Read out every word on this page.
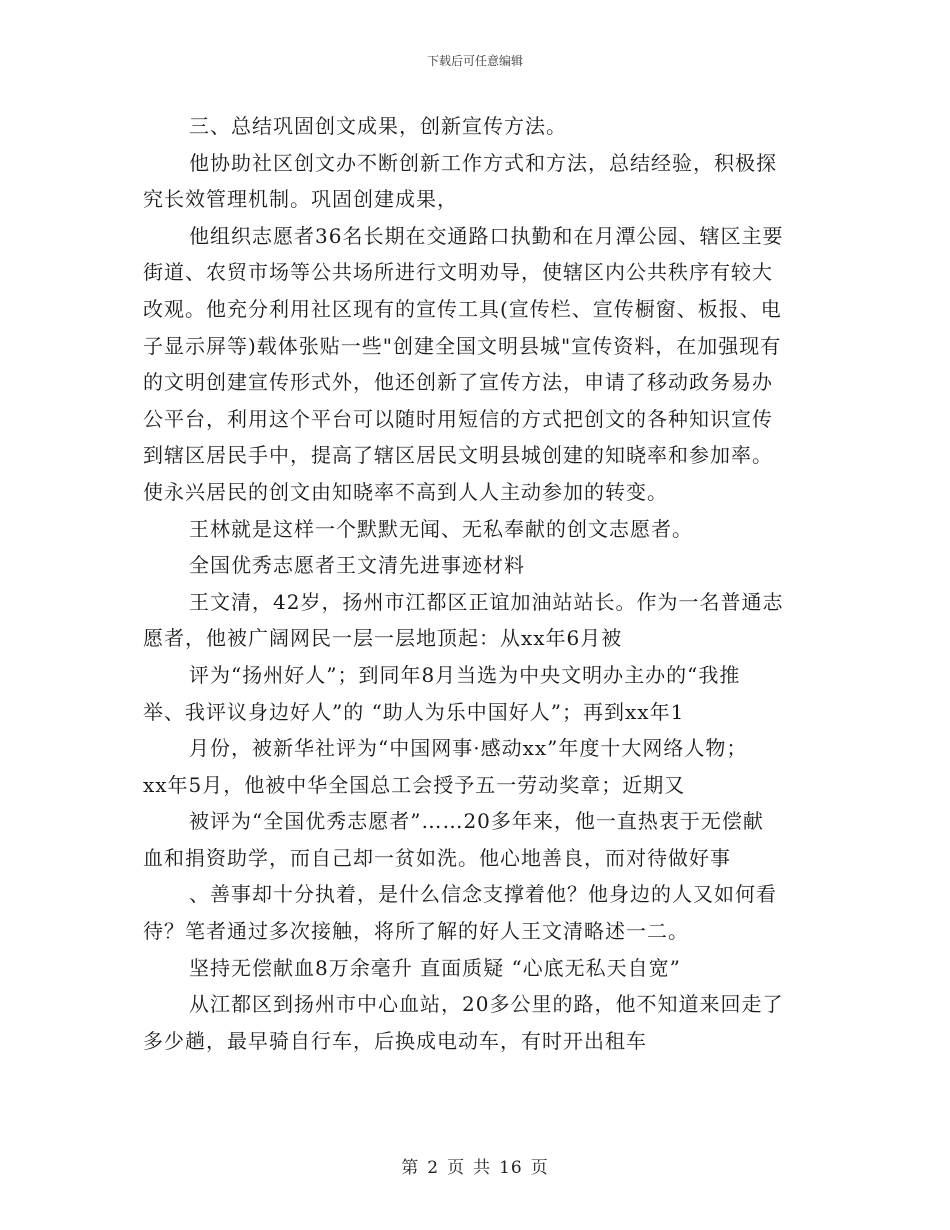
下载后可任意编辑
三、总结巩固创文成果，创新宣传方法。
他协助社区创文办不断创新工作方式和方法，总结经验，积极探
究长效管理机制。巩固创建成果，
他组织志愿者36名长期在交通路口执勤和在月潭公园、辖区主要
街道、农贸市场等公共场所进行文明劝导，使辖区内公共秩序有较大
改观。他充分利用社区现有的宣传工具(宣传栏、宣传橱窗、板报、电
子显示屏等)载体张贴一些"创建全国文明县城"宣传资料，在加强现有
的文明创建宣传形式外，他还创新了宣传方法，申请了移动政务易办
公平台，利用这个平台可以随时用短信的方式把创文的各种知识宣传
到辖区居民手中，提高了辖区居民文明县城创建的知晓率和参加率。
使永兴居民的创文由知晓率不高到人人主动参加的转变。
王林就是这样一个默默无闻、无私奉献的创文志愿者。
全国优秀志愿者王文清先进事迹材料
王文清，42岁，扬州市江都区正谊加油站站长。作为一名普通志
愿者，他被广阔网民一层一层地顶起：从xx年6月被
评为“扬州好人”；到同年8月当选为中央文明办主办的“我推
举、我评议身边好人”的 “助人为乐中国好人”；再到xx年1
月份，被新华社评为“中国网事·感动xx”年度十大网络人物；
xx年5月，他被中华全国总工会授予五一劳动奖章；近期又
被评为“全国优秀志愿者”……20多年来，他一直热衷于无偿献
血和捐资助学，而自己却一贫如洗。他心地善良，而对待做好事
、善事却十分执着，是什么信念支撑着他？他身边的人又如何看
待？笔者通过多次接触，将所了解的好人王文清略述一二。
坚持无偿献血8万余毫升 直面质疑 “心底无私天自宽”
从江都区到扬州市中心血站，20多公里的路，他不知道来回走了
多少趟，最早骑自行车，后换成电动车，有时开出租车
第 2 页 共 16 页
